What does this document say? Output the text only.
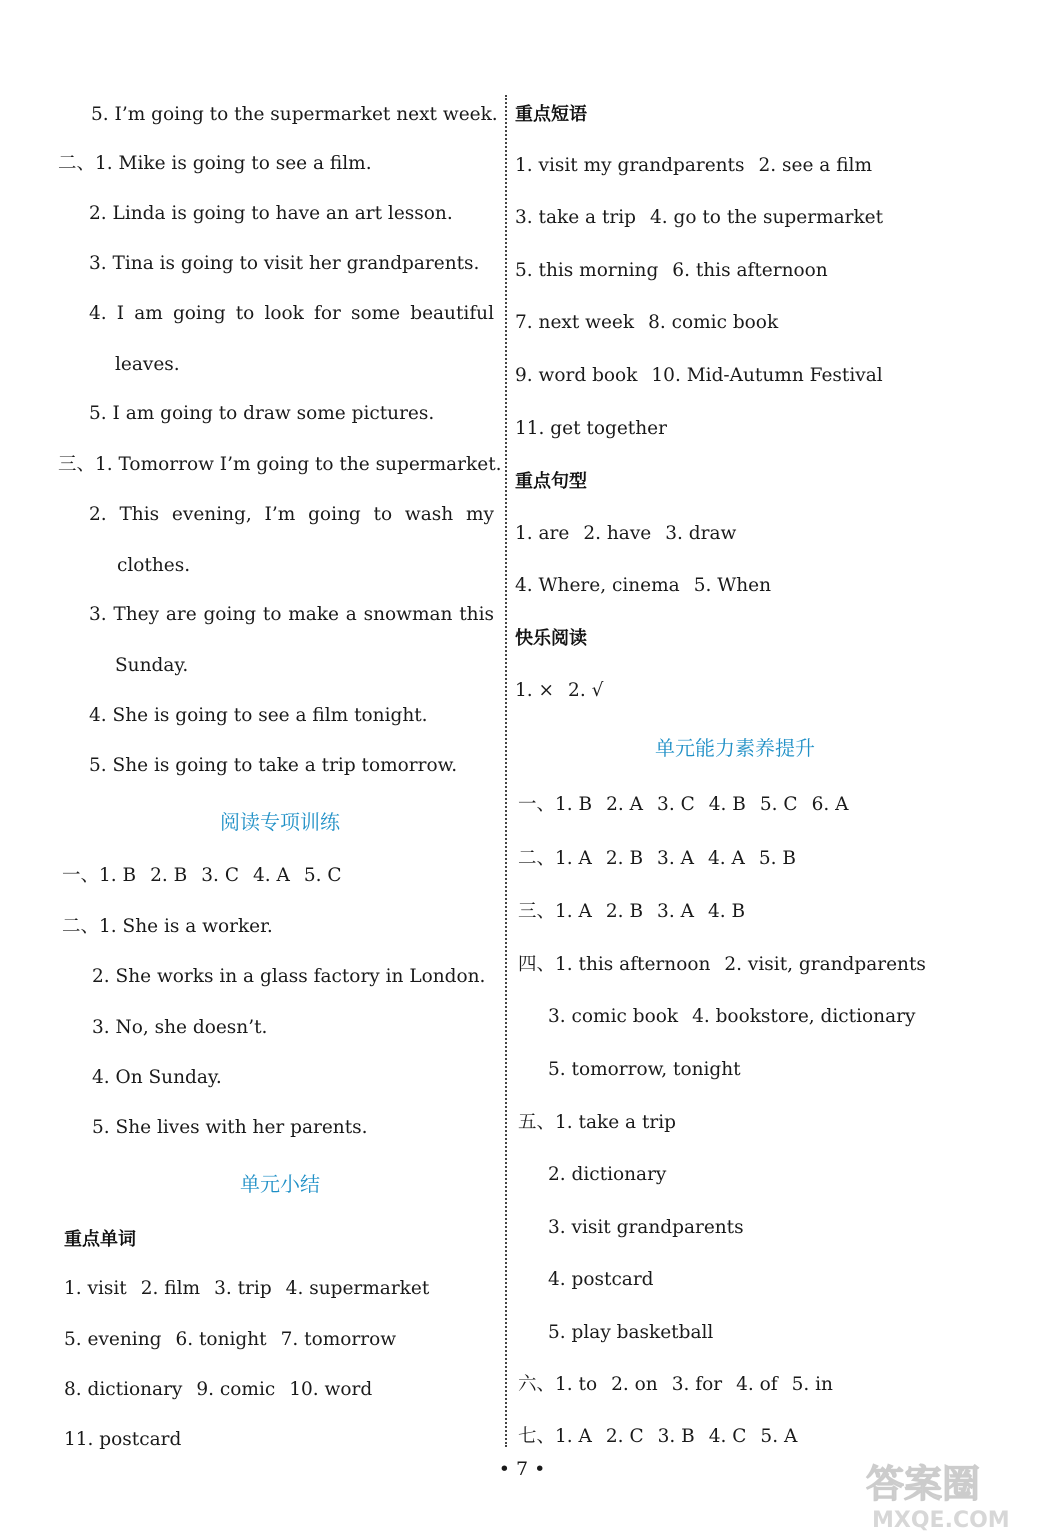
5. I’m going to the supermarket next week.
二、1. Mike is going to see a film.
2. Linda is going to have an art lesson.
3. Tina is going to visit her grandparents.
4. I am going to look for some beautiful
leaves.
5. I am going to draw some pictures.
三、1. Tomorrow I’m going to the supermarket.
2. This evening, I’m going to wash my
clothes.
3. They are going to make a snowman this
Sunday.
4. She is going to see a film tonight.
5. She is going to take a trip tomorrow.
阅读专项训练
一、1. B 2. B 3. C 4. A 5. C
二、1. She is a worker.
2. She works in a glass factory in London.
3. No, she doesn’t.
4. On Sunday.
5. She lives with her parents.
单元小结
重点单词
1. visit 2. film 3. trip 4. supermarket
5. evening 6. tonight 7. tomorrow
8. dictionary 9. comic 10. word
11. postcard
重点短语
1. visit my grandparents 2. see a film
3. take a trip 4. go to the supermarket
5. this morning 6. this afternoon
7. next week 8. comic book
9. word book 10. Mid-Autumn Festival
11. get together
重点句型
1. are 2. have 3. draw
4. Where, cinema 5. When
快乐阅读
1. × 2. √
单元能力素养提升
一、1. B 2. A 3. C 4. B 5. C 6. A
二、1. A 2. B 3. A 4. A 5. B
三、1. A 2. B 3. A 4. B
四、1. this afternoon 2. visit, grandparents
3. comic book 4. bookstore, dictionary
5. tomorrow, tonight
五、1. take a trip
2. dictionary
3. visit grandparents
4. postcard
5. play basketball
六、1. to 2. on 3. for 4. of 5. in
七、1. A 2. C 3. B 4. C 5. A
• 7 •	答案圈
MXQE.COM
